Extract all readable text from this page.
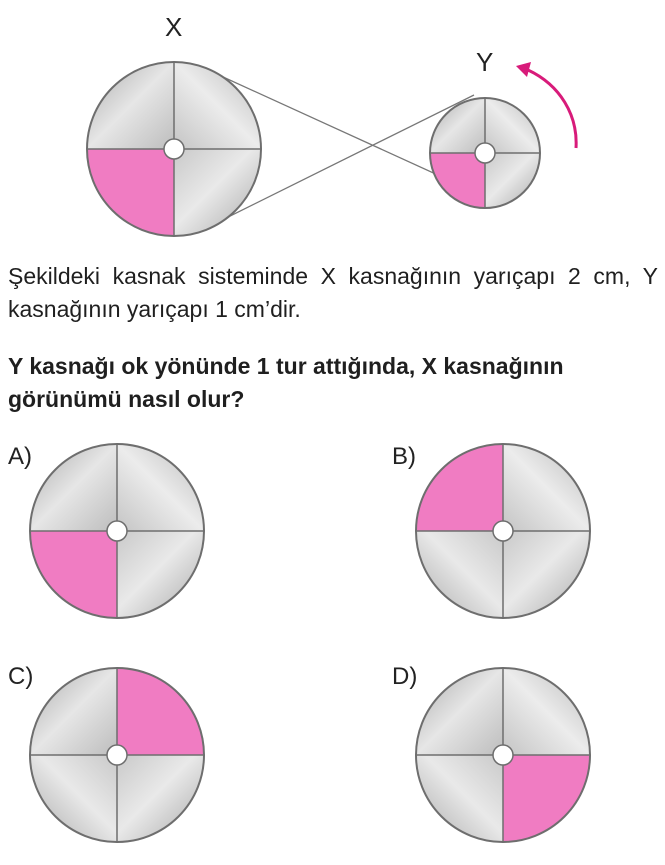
X
Y
Şekildeki kasnak sisteminde X kasnağının yarıçapı 2 cm, Y kasnağının yarıçapı 1 cm’dir.
Y kasnağı ok yönünde 1 tur attığında, X kasnağının görünümü nasıl olur?
A)	B)
C)	D)
